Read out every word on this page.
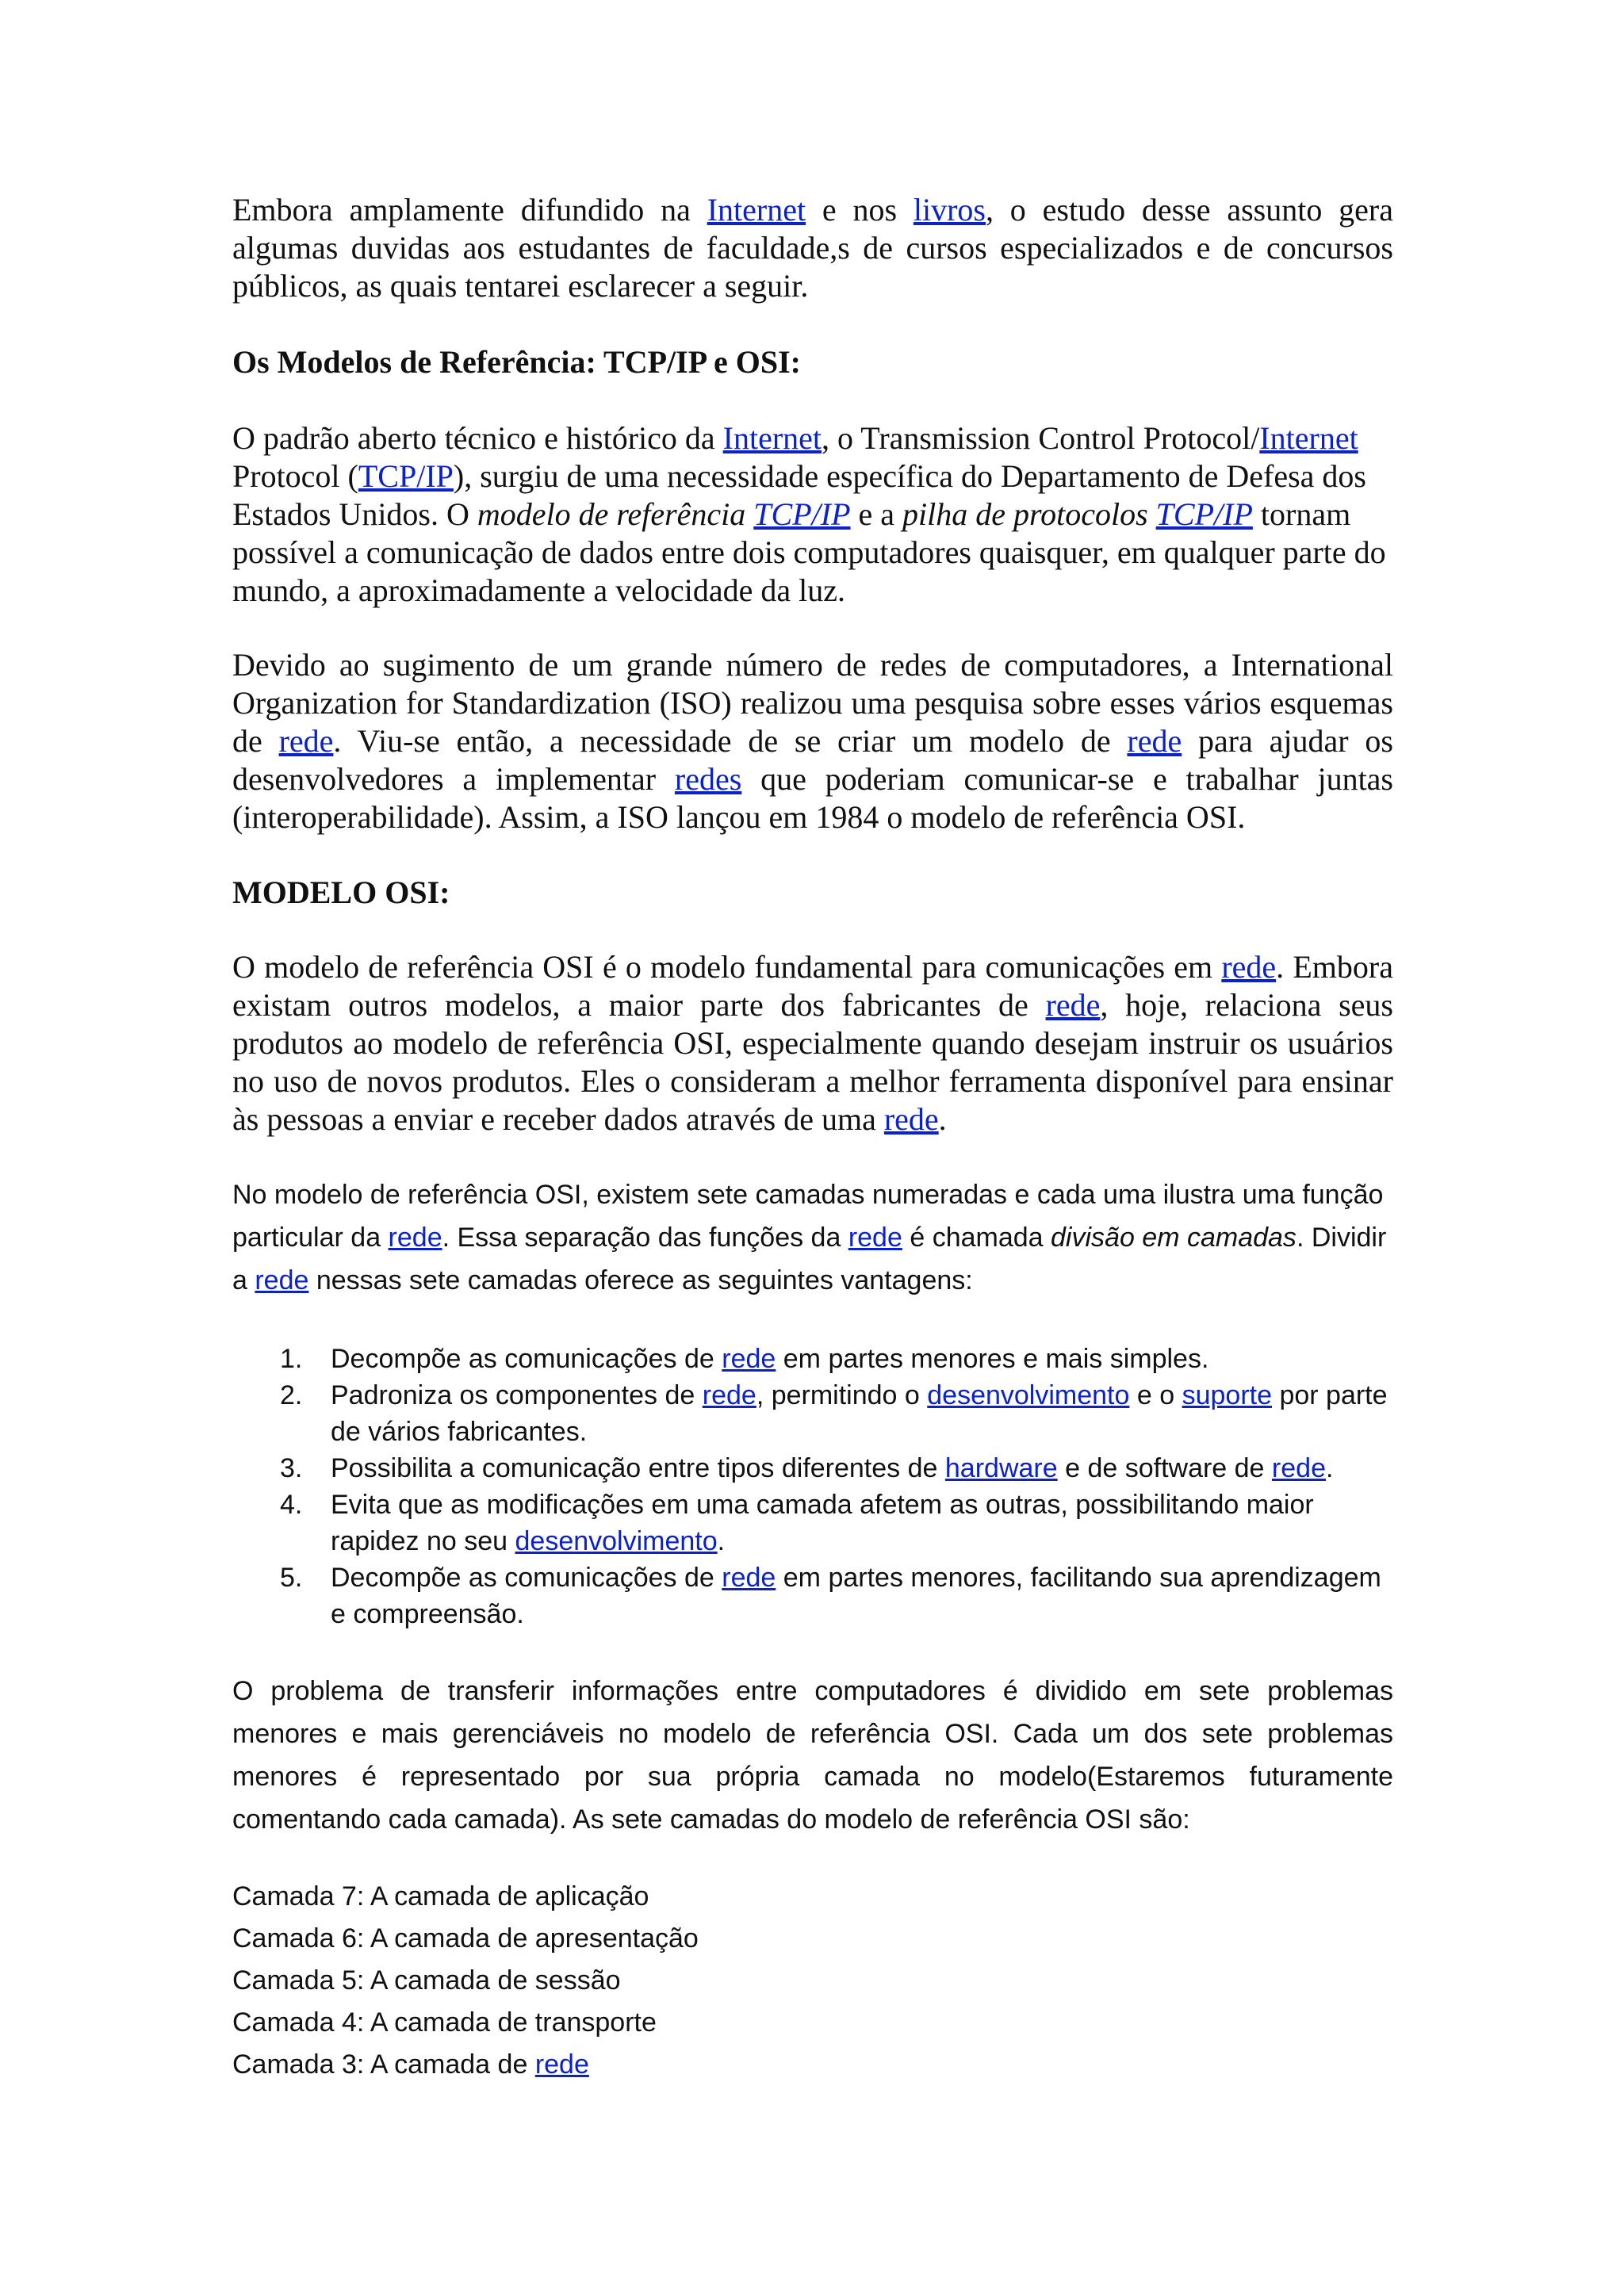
Embora amplamente difundido na Internet e nos livros, o estudo desse assunto gera algumas duvidas aos estudantes de faculdade,s de cursos especializados e de concursos públicos, as quais tentarei esclarecer a seguir.

Os Modelos de Referência: TCP/IP e OSI:

O padrão aberto técnico e histórico da Internet, o Transmission Control Protocol/Internet Protocol (TCP/IP), surgiu de uma necessidade específica do Departamento de Defesa dos Estados Unidos. O modelo de referência TCP/IP e a pilha de protocolos TCP/IP tornam possível a comunicação de dados entre dois computadores quaisquer, em qualquer parte do mundo, a aproximadamente a velocidade da luz.

Devido ao sugimento de um grande número de redes de computadores, a International Organization for Standardization (ISO) realizou uma pesquisa sobre esses vários esquemas de rede. Viu-se então, a necessidade de se criar um modelo de rede para ajudar os desenvolvedores a implementar redes que poderiam comunicar-se e trabalhar juntas (interoperabilidade). Assim, a ISO lançou em 1984 o modelo de referência OSI.

MODELO OSI:

O modelo de referência OSI é o modelo fundamental para comunicações em rede. Embora existam outros modelos, a maior parte dos fabricantes de rede, hoje, relaciona seus produtos ao modelo de referência OSI, especialmente quando desejam instruir os usuários no uso de novos produtos. Eles o consideram a melhor ferramenta disponível para ensinar às pessoas a enviar e receber dados através de uma rede.

No modelo de referência OSI, existem sete camadas numeradas e cada uma ilustra uma função particular da rede. Essa separação das funções da rede é chamada divisão em camadas. Dividir a rede nessas sete camadas oferece as seguintes vantagens:

1. Decompõe as comunicações de rede em partes menores e mais simples.
2. Padroniza os componentes de rede, permitindo o desenvolvimento e o suporte por parte de vários fabricantes.
3. Possibilita a comunicação entre tipos diferentes de hardware e de software de rede.
4. Evita que as modificações em uma camada afetem as outras, possibilitando maior rapidez no seu desenvolvimento.
5. Decompõe as comunicações de rede em partes menores, facilitando sua aprendizagem e compreensão.

O problema de transferir informações entre computadores é dividido em sete problemas menores e mais gerenciáveis no modelo de referência OSI. Cada um dos sete problemas menores é representado por sua própria camada no modelo(Estaremos futuramente comentando cada camada). As sete camadas do modelo de referência OSI são:

Camada 7: A camada de aplicação
Camada 6: A camada de apresentação
Camada 5: A camada de sessão
Camada 4: A camada de transporte
Camada 3: A camada de rede
